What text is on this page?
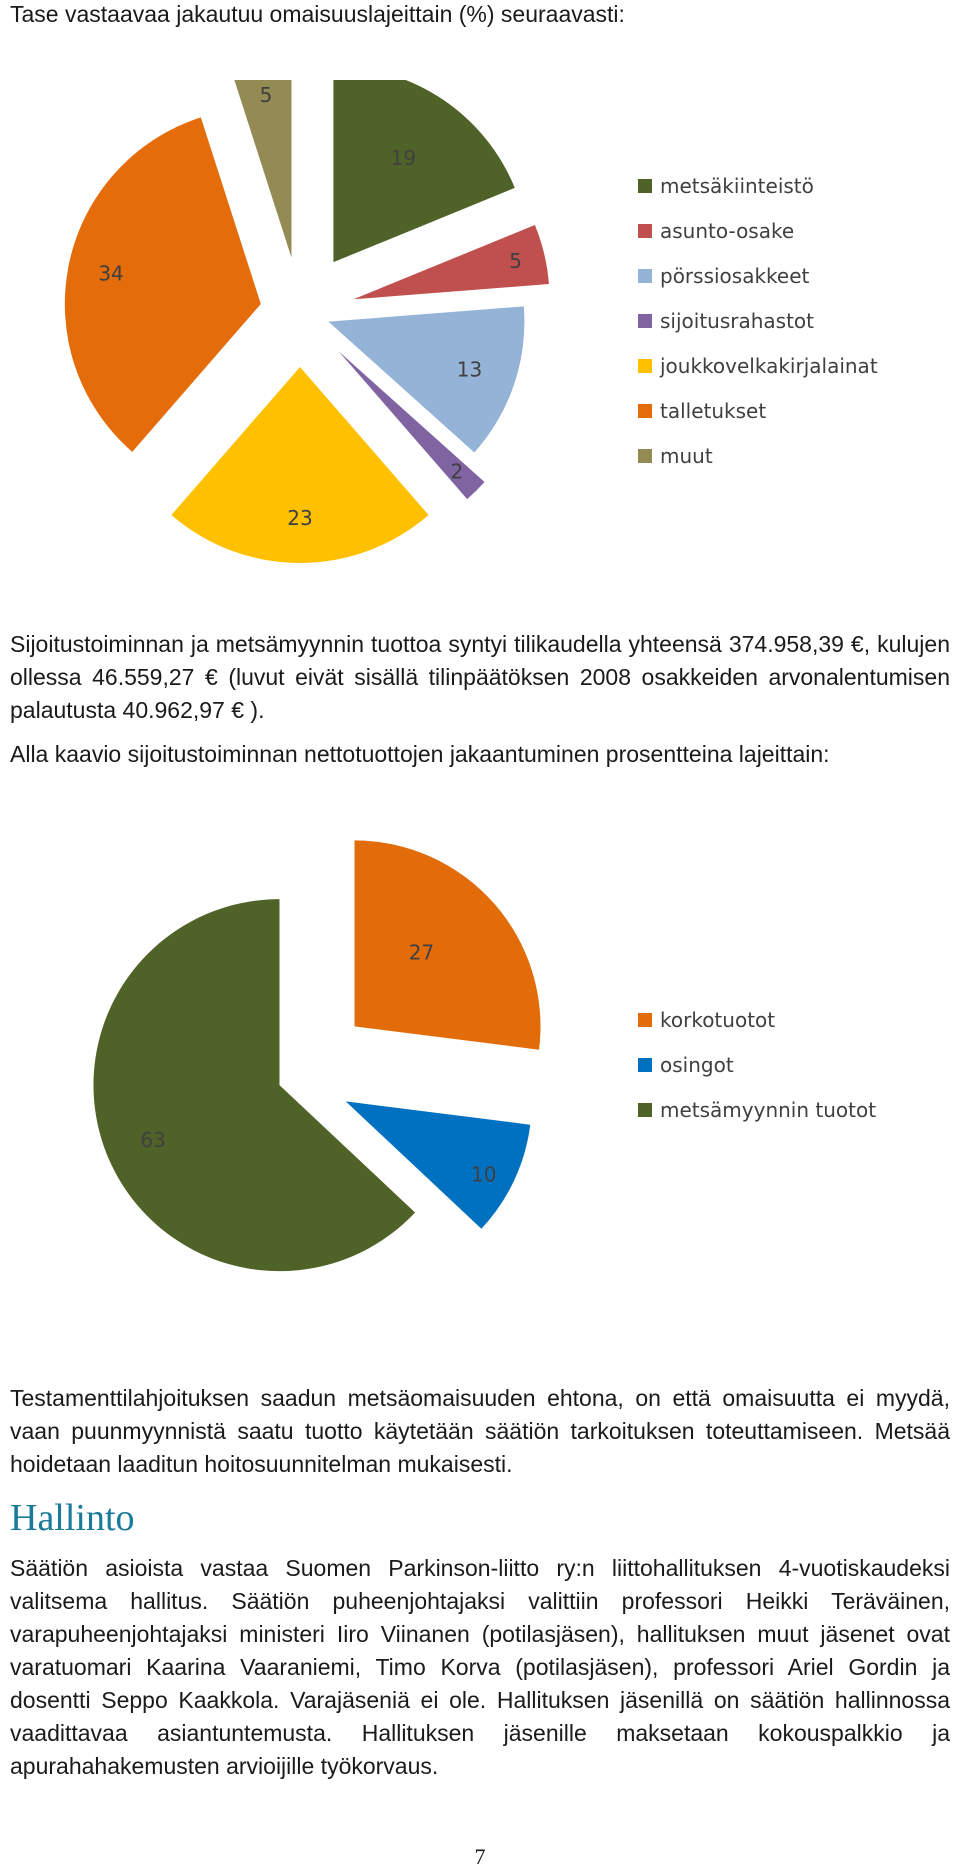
Tase vastaavaa jakautuu omaisuuslajeittain (%) seuraavasti:

19
5
13
2
23
34
5
metsäkiinteistö
asunto-osake
pörssiosakkeet
sijoitusrahastot
joukkovelkakirjalainat
talletukset
muut

Sijoitustoiminnan ja metsämyynnin tuottoa syntyi tilikaudella yhteensä 374.958,39 €, kulujen ollessa 46.559,27 € (luvut eivät sisällä tilinpäätöksen 2008 osakkeiden arvonalentumisen palautusta 40.962,97 € ).

Alla kaavio sijoitustoiminnan nettotuottojen jakaantuminen prosentteina lajeittain:

27
10
63
korkotuotot
osingot
metsämyynnin tuotot

Testamenttilahjoituksen saadun metsäomaisuuden ehtona, on että omaisuutta ei myydä, vaan puunmyynnistä saatu tuotto käytetään säätiön tarkoituksen toteuttamiseen. Metsää hoidetaan laaditun hoitosuunnitelman mukaisesti.

Hallinto

Säätiön asioista vastaa Suomen Parkinson-liitto ry:n liittohallituksen 4-vuotiskaudeksi valitsema hallitus. Säätiön puheenjohtajaksi valittiin professori Heikki Teräväinen, varapuheenjohtajaksi ministeri Iiro Viinanen (potilasjäsen), hallituksen muut jäsenet ovat varatuomari Kaarina Vaaraniemi, Timo Korva (potilasjäsen), professori Ariel Gordin ja dosentti Seppo Kaakkola. Varajäseniä ei ole. Hallituksen jäsenillä on säätiön hallinnossa vaadittavaa asiantuntemusta. Hallituksen jäsenille maksetaan kokouspalkkio ja apurahahakemusten arvioijille työkorvaus.

7
